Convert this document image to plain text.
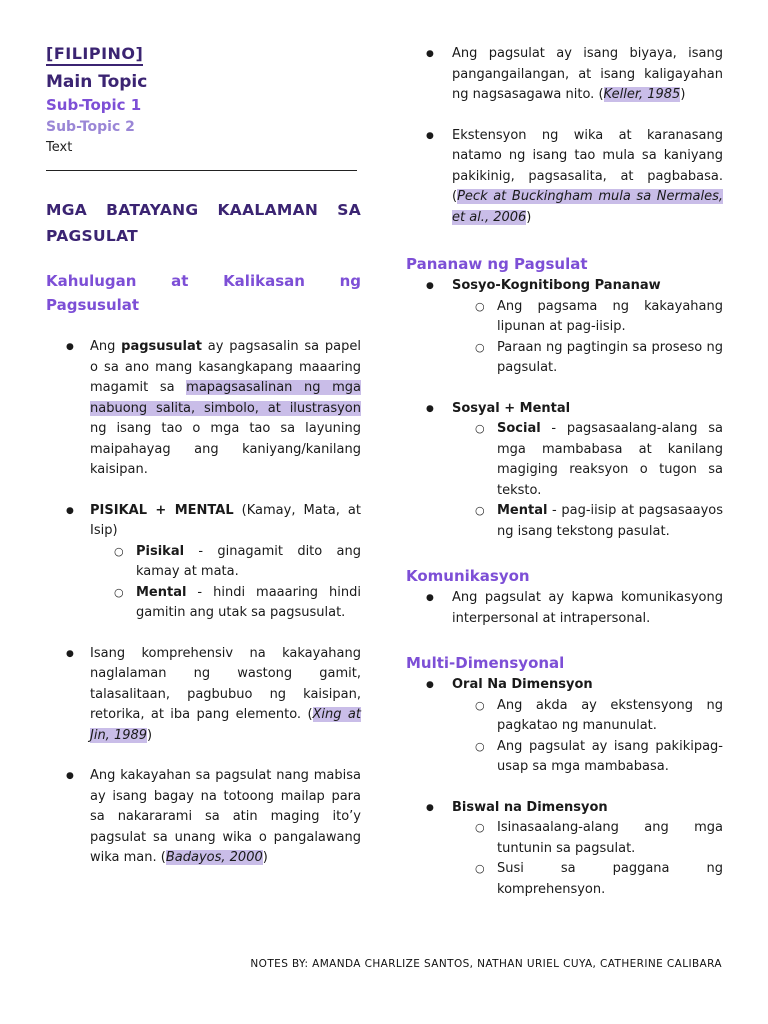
[FILIPINO]
Main Topic
Sub-Topic 1
Sub-Topic 2
Text
MGA BATAYANG KAALAMAN SA PAGSULAT
Kahulugan at Kalikasan ng Pagsusulat
● Ang pagsusulat ay pagsasalin sa papel o sa ano mang kasangkapang maaaring magamit sa mapagsasalinan ng mga nabuong salita, simbolo, at ilustrasyon ng isang tao o mga tao sa layuning maipahayag ang kaniyang/kanilang kaisipan.
● PISIKAL + MENTAL (Kamay, Mata, at Isip)
○ Pisikal - ginagamit dito ang kamay at mata.
○ Mental - hindi maaaring hindi gamitin ang utak sa pagsusulat.
● Isang komprehensiv na kakayahang naglalaman ng wastong gamit, talasalitaan, pagbubuo ng kaisipan, retorika, at iba pang elemento. (Xing at Jin, 1989)
● Ang kakayahan sa pagsulat nang mabisa ay isang bagay na totoong mailap para sa nakararami sa atin maging ito’y pagsulat sa unang wika o pangalawang wika man. (Badayos, 2000)
● Ang pagsulat ay isang biyaya, isang pangangailangan, at isang kaligayahan ng nagsasagawa nito. (Keller, 1985)
● Ekstensyon ng wika at karanasang natamo ng isang tao mula sa kaniyang pakikinig, pagsasalita, at pagbabasa. (Peck at Buckingham mula sa Nermales, et al., 2006)
Pananaw ng Pagsulat
● Sosyo-Kognitibong Pananaw
○ Ang pagsama ng kakayahang lipunan at pag-iisip.
○ Paraan ng pagtingin sa proseso ng pagsulat.
● Sosyal + Mental
○ Social - pagsasaalang-alang sa mga mambabasa at kanilang magiging reaksyon o tugon sa teksto.
○ Mental - pag-iisip at pagsasaayos ng isang tekstong pasulat.
Komunikasyon
● Ang pagsulat ay kapwa komunikasyong interpersonal at intrapersonal.
Multi-Dimensyonal
● Oral Na Dimensyon
○ Ang akda ay ekstensyong ng pagkatao ng manunulat.
○ Ang pagsulat ay isang pakikipag-usap sa mga mambabasa.
● Biswal na Dimensyon
○ Isinasaalang-alang ang mga tuntunin sa pagsulat.
○ Susi sa paggana ng komprehensyon.
NOTES BY: AMANDA CHARLIZE SANTOS, NATHAN URIEL CUYA, CATHERINE CALIBARA
